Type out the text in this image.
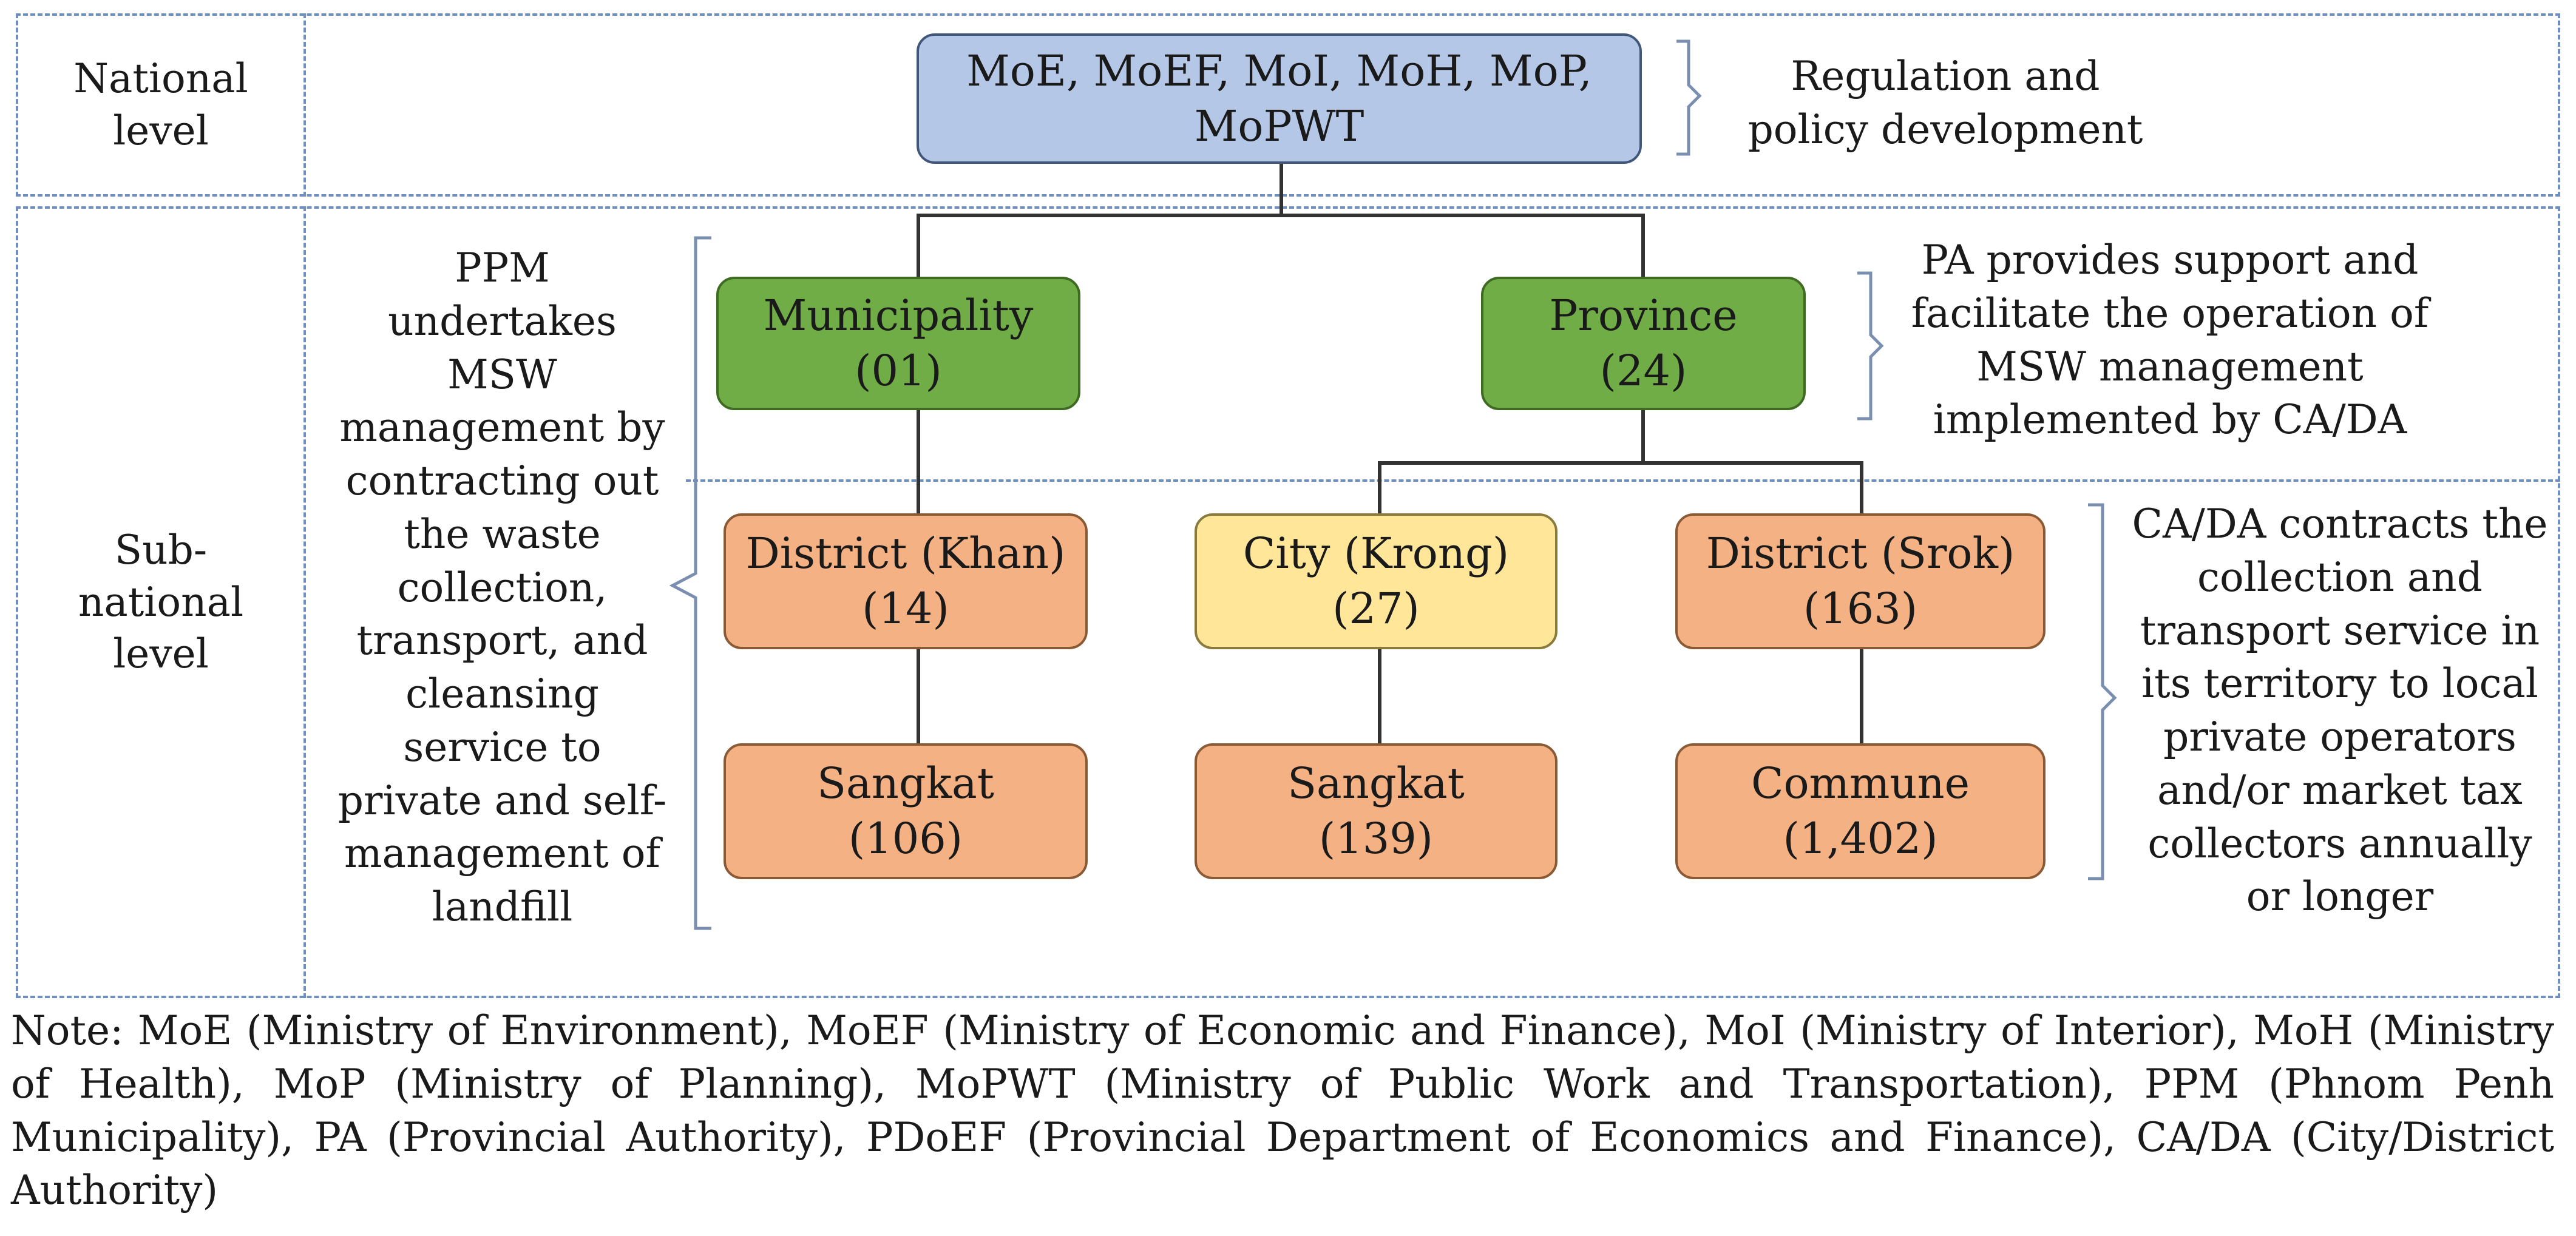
National level
Sub-national level
MoE, MoEF, MoI, MoH, MoP,
MoPWT
Municipality
(01)
Province
(24)
District (Khan)
(14)
City (Krong)
(27)
District (Srok)
(163)
Sangkat
(106)
Sangkat
(139)
Commune
(1,402)
Regulation and policy development
PPM undertakes MSW management by contracting out the waste collection, transport, and cleansing service to private and self-management of landfill
PA provides support and facilitate the operation of MSW management implemented by CA/DA
CA/DA contracts the collection and transport service in its territory to local private operators and/or market tax collectors annually or longer
Note: MoE (Ministry of Environment), MoEF (Ministry of Economic and Finance), MoI (Ministry of Interior), MoH (Ministry of Health), MoP (Ministry of Planning), MoPWT (Ministry of Public Work and Transportation), PPM (Phnom Penh Municipality), PA (Provincial Authority), PDoEF (Provincial Department of Economics and Finance), CA/DA (City/District Authority)
